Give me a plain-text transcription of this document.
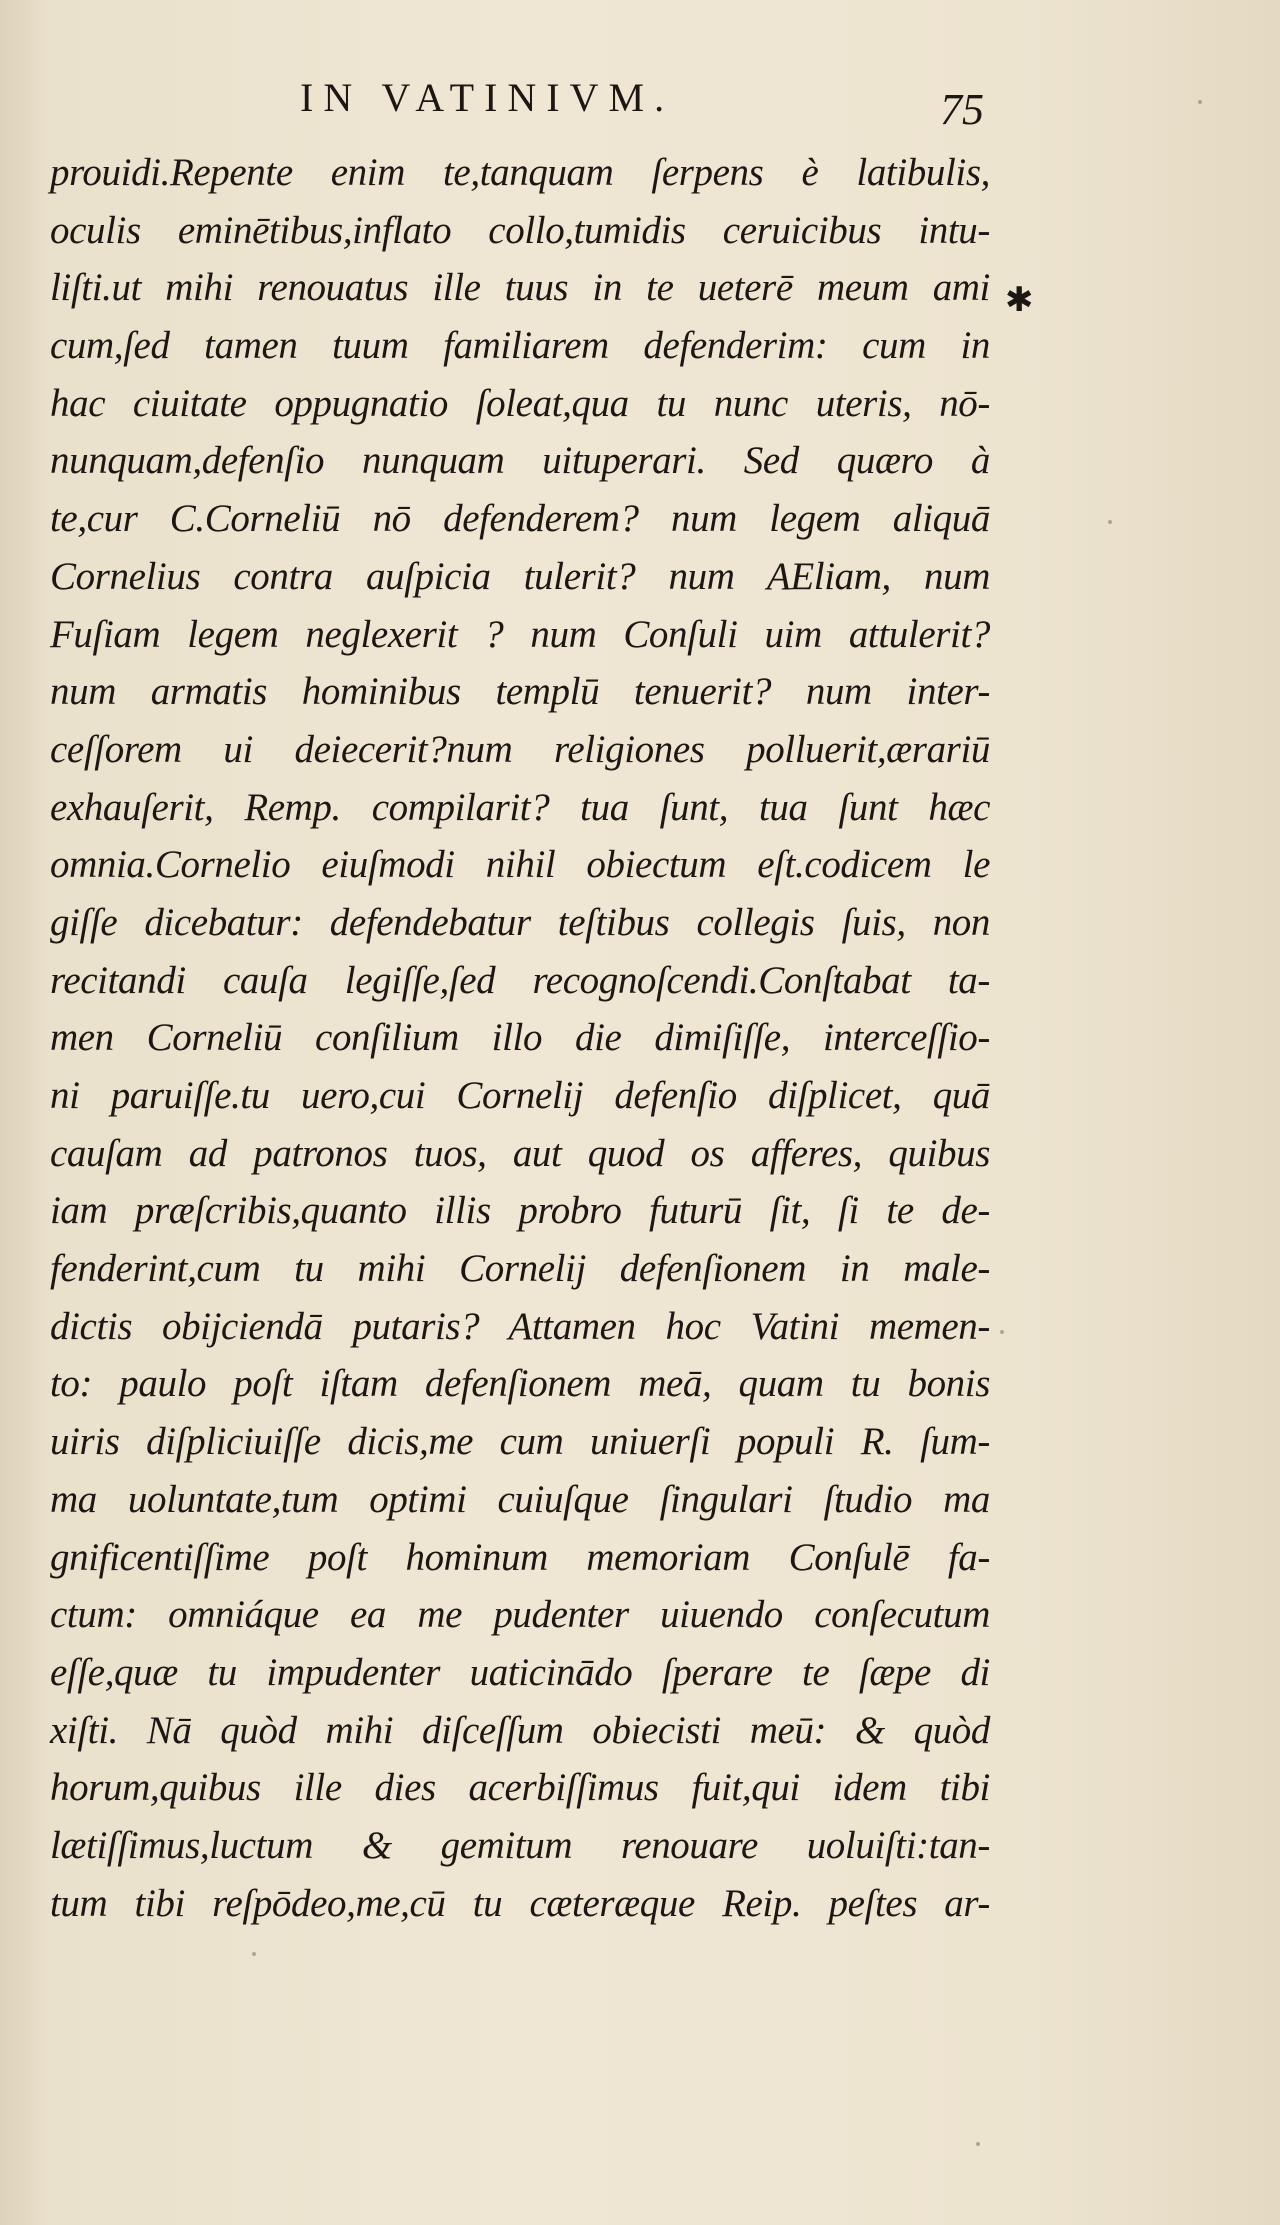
IN VATINIVM.	75
✱
prouidi.Repente enim te,tanquam ſerpens è latibulis,
oculis eminētibus,inflato collo,tumidis ceruicibus intu-
liſti.ut mihi renouatus ille tuus in te ueterē meum ami
cum,ſed tamen tuum familiarem defenderim: cum in
hac ciuitate oppugnatio ſoleat,qua tu nunc uteris, nō-
nunquam,defenſio nunquam uituperari. Sed quæro à
te,cur C.Corneliū nō defenderem? num legem aliquā
Cornelius contra auſpicia tulerit? num AEliam, num
Fuſiam legem neglexerit ? num Conſuli uim attulerit?
num armatis hominibus templū tenuerit? num inter-
ceſſorem ui deiecerit?num religiones polluerit,ærariū
exhauſerit, Remp. compilarit? tua ſunt, tua ſunt hæc
omnia.Cornelio eiuſmodi nihil obiectum eſt.codicem le
giſſe dicebatur: defendebatur teſtibus collegis ſuis, non
recitandi cauſa legiſſe,ſed recognoſcendi.Conſtabat ta-
men Corneliū conſilium illo die dimiſiſſe, interceſſio-
ni paruiſſe.tu uero,cui Cornelij defenſio diſplicet, quā
cauſam ad patronos tuos, aut quod os afferes, quibus
iam præſcribis,quanto illis probro futurū ſit, ſi te de-
fenderint,cum tu mihi Cornelij defenſionem in male-
dictis obijciendā putaris? Attamen hoc Vatini memen-
to: paulo poſt iſtam defenſionem meā, quam tu bonis
uiris diſpliciuiſſe dicis,me cum uniuerſi populi R. ſum-
ma uoluntate,tum optimi cuiuſque ſingulari ſtudio ma
gnificentiſſime poſt hominum memoriam Conſulē fa-
ctum: omniáque ea me pudenter uiuendo conſecutum
eſſe,quæ tu impudenter uaticinādo ſperare te ſæpe di
xiſti. Nā quòd mihi diſceſſum obiecisti meū: & quòd
horum,quibus ille dies acerbiſſimus fuit,qui idem tibi
lætiſſimus,luctum & gemitum renouare uoluiſti:tan-
tum tibi reſpōdeo,me,cū tu cæteræque Reip. peſtes ar-
